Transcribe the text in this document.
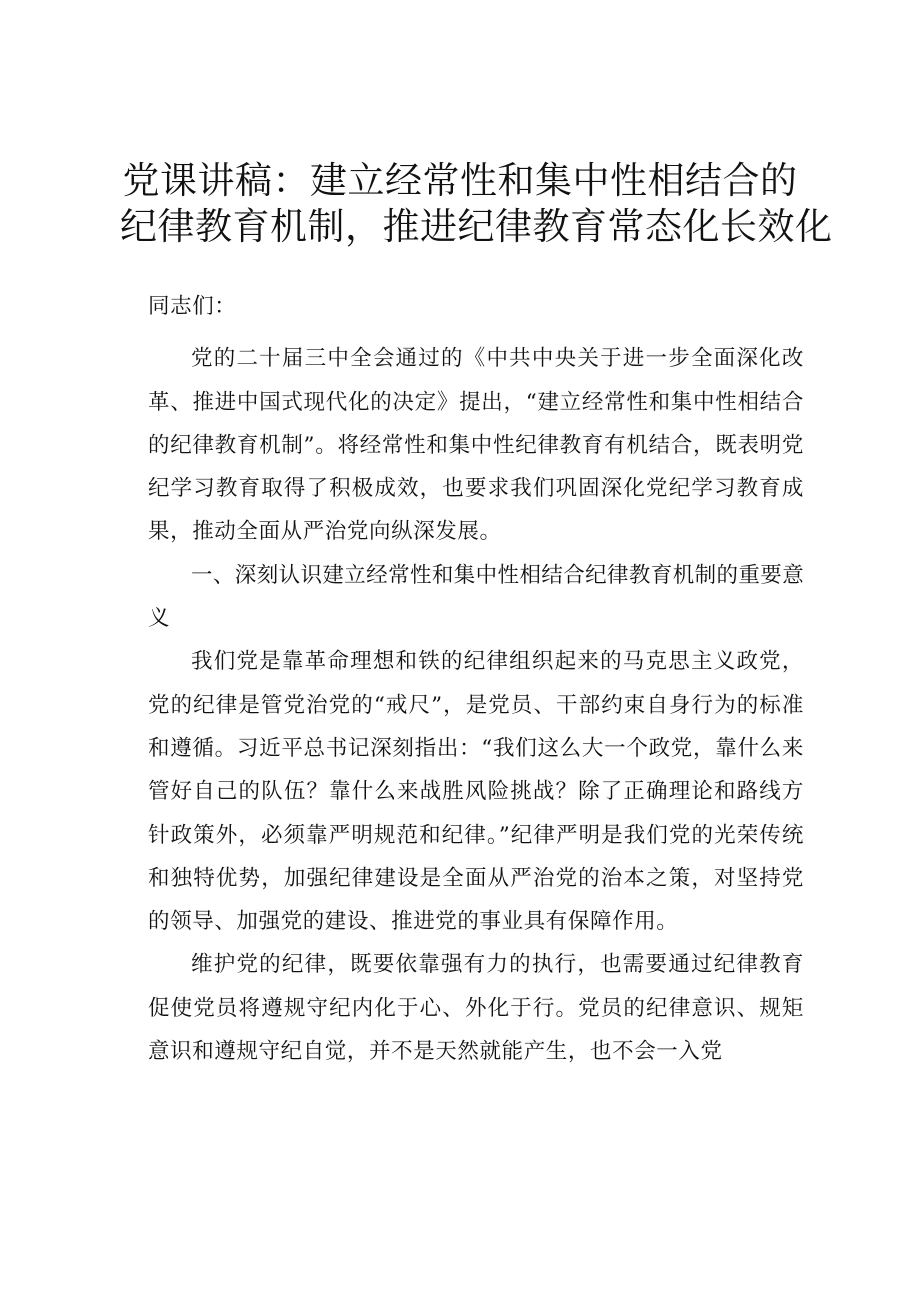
党课讲稿：建立经常性和集中性相结合的
纪律教育机制，推进纪律教育常态化长效化

同志们：

党的二十届三中全会通过的《中共中央关于进一步全面深化改革、推进中国式现代化的决定》提出，“建立经常性和集中性相结合的纪律教育机制”。将经常性和集中性纪律教育有机结合，既表明党纪学习教育取得了积极成效，也要求我们巩固深化党纪学习教育成果，推动全面从严治党向纵深发展。

一、深刻认识建立经常性和集中性相结合纪律教育机制的重要意义

我们党是靠革命理想和铁的纪律组织起来的马克思主义政党，党的纪律是管党治党的“戒尺”，是党员、干部约束自身行为的标准和遵循。习近平总书记深刻指出：“我们这么大一个政党，靠什么来管好自己的队伍？靠什么来战胜风险挑战？除了正确理论和路线方针政策外，必须靠严明规范和纪律。”纪律严明是我们党的光荣传统和独特优势，加强纪律建设是全面从严治党的治本之策，对坚持党的领导、加强党的建设、推进党的事业具有保障作用。

维护党的纪律，既要依靠强有力的执行，也需要通过纪律教育促使党员将遵规守纪内化于心、外化于行。党员的纪律意识、规矩意识和遵规守纪自觉，并不是天然就能产生，也不会一入党
